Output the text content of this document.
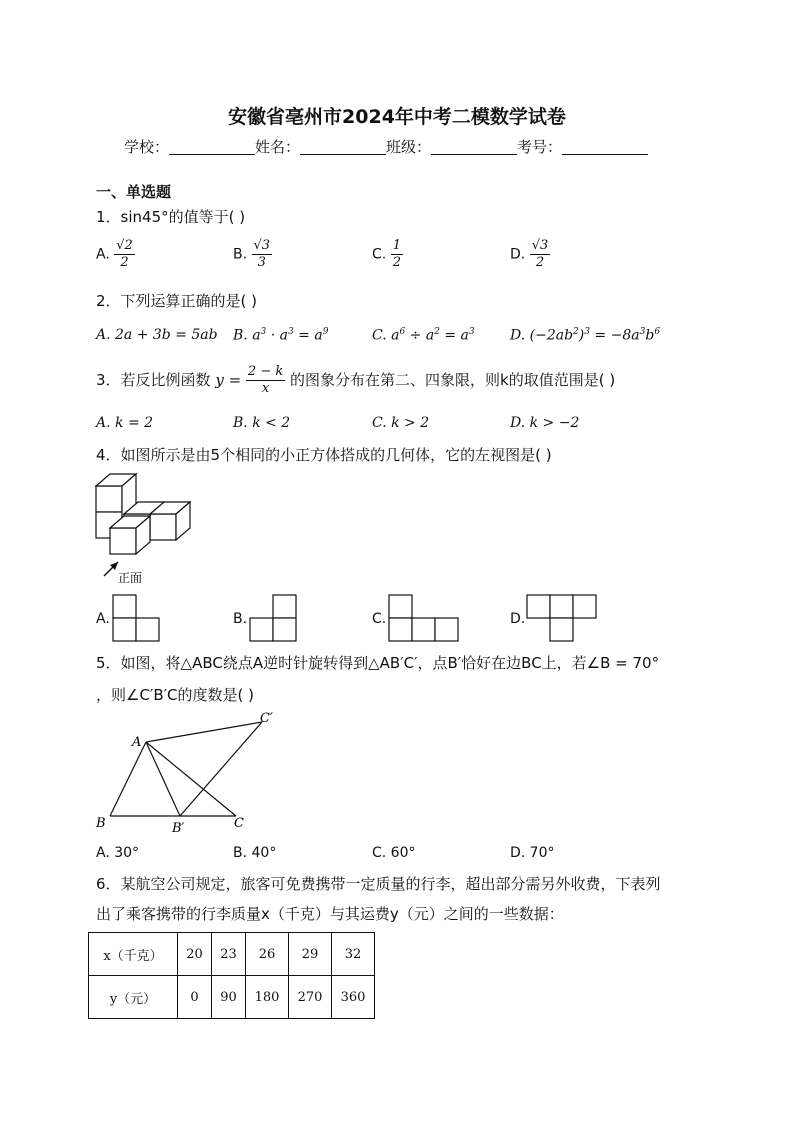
安徽省亳州市2024年中考二模数学试卷
学校：	姓名：	班级：	考号：
一、单选题
1．sin45°的值等于( )
A. $\frac{√2}{2}$	B. $\frac{√3}{3}$	C. $\frac{1}{2}$	D. $\frac{√3}{2}$
2．下列运算正确的是( )
A. 2a + 3b = 5ab B. $a^3 \cdot a^3 = a^9$	C. $a^6 \div a^2 = a^3$	D. $(-2ab^2)^3 = -8a^3b^6$
3．若反比例函数 $y = \frac{2 - k}{x}$ 的图象分布在第二、四象限，则k的取值范围是( )
A. k = 2	B. k < 2	C. k > 2	D. k > −2
4．如图所示是由5个相同的小正方体搭成的几何体，它的左视图是( )
正面
A.	B.	C.	D.
5．如图，将△ABC绕点A逆时针旋转得到△AB′C′，点B′恰好在边BC上，若∠B = 70°
，则∠C′B′C的度数是( )
A
B	C
B′
C′
A. 30°	B. 40°	C. 60°	D. 70°
6．某航空公司规定，旅客可免费携带一定质量的行李，超出部分需另外收费，下表列
出了乘客携带的行李质量x（千克）与其运费y（元）之间的一些数据：
x（千克）	20	23	26	29	32
y（元）	0	90	180	270	360
